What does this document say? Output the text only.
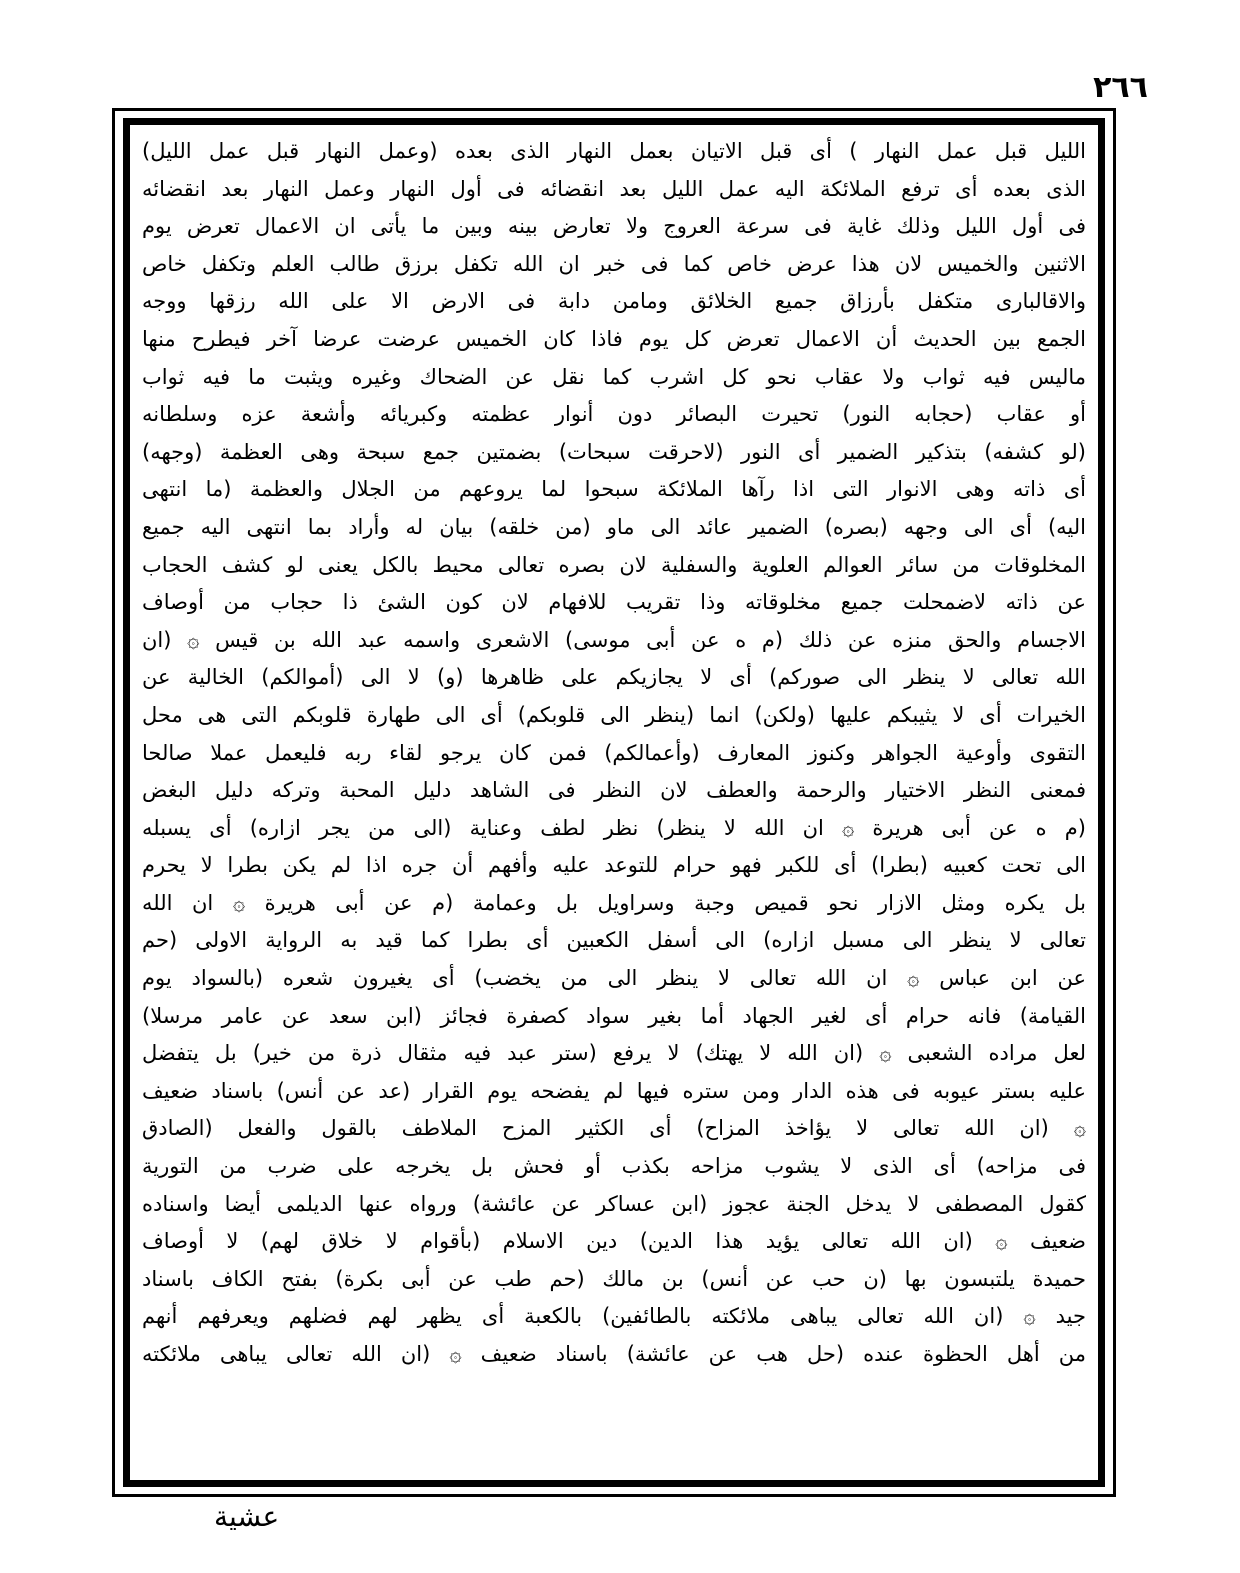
٢٦٦
الليل قبل عمل النهار ) أى قبل الاتيان بعمل النهار الذى بعده (وعمل النهار قبل عمل الليل)
الذى بعده أى ترفع الملائكة اليه عمل الليل بعد انقضائه فى أول النهار وعمل النهار بعد انقضائه
فى أول الليل وذلك غاية فى سرعة العروج ولا تعارض بينه وبين ما يأتى ان الاعمال تعرض يوم
الاثنين والخميس لان هذا عرض خاص كما فى خبر ان الله تكفل برزق طالب العلم وتكفل خاص
والاقالبارى متكفل بأرزاق جميع الخلائق ومامن دابة فى الارض الا على الله رزقها ووجه
الجمع بين الحديث أن الاعمال تعرض كل يوم فاذا كان الخميس عرضت عرضا آخر فيطرح منها
ماليس فيه ثواب ولا عقاب نحو كل اشرب كما نقل عن الضحاك وغيره ويثبت ما فيه ثواب
أو عقاب (حجابه النور) تحيرت البصائر دون أنوار عظمته وكبريائه وأشعة عزه وسلطانه
(لو كشفه) بتذكير الضمير أى النور (لاحرقت سبحات) بضمتين جمع سبحة وهى العظمة (وجهه)
أى ذاته وهى الانوار التى اذا رآها الملائكة سبحوا لما يروعهم من الجلال والعظمة (ما انتهى
اليه) أى الى وجهه (بصره) الضمير عائد الى ماو (من خلقه) بيان له وأراد بما انتهى اليه جميع
المخلوقات من سائر العوالم العلوية والسفلية لان بصره تعالى محيط بالكل يعنى لو كشف الحجاب
عن ذاته لاضمحلت جميع مخلوقاته وذا تقريب للافهام لان كون الشئ ذا حجاب من أوصاف
الاجسام والحق منزه عن ذلك (م ه عن أبى موسى) الاشعرى واسمه عبد الله بن قيس ۞ (ان
الله تعالى لا ينظر الى صوركم) أى لا يجازيكم على ظاهرها (و) لا الى (أموالكم) الخالية عن
الخيرات أى لا يثيبكم عليها (ولكن) انما (ينظر الى قلوبكم) أى الى طهارة قلوبكم التى هى محل
التقوى وأوعية الجواهر وكنوز المعارف (وأعمالكم) فمن كان يرجو لقاء ربه فليعمل عملا صالحا
فمعنى النظر الاختيار والرحمة والعطف لان النظر فى الشاهد دليل المحبة وتركه دليل البغض
(م ه عن أبى هريرة ۞ ان الله لا ينظر) نظر لطف وعناية (الى من يجر ازاره) أى يسبله
الى تحت كعبيه (بطرا) أى للكبر فهو حرام للتوعد عليه وأفهم أن جره اذا لم يكن بطرا لا يحرم
بل يكره ومثل الازار نحو قميص وجبة وسراويل بل وعمامة (م عن أبى هريرة ۞ ان الله
تعالى لا ينظر الى مسبل ازاره) الى أسفل الكعبين أى بطرا كما قيد به الرواية الاولى (حم
عن ابن عباس ۞ ان الله تعالى لا ينظر الى من يخضب) أى يغيرون شعره (بالسواد يوم
القيامة) فانه حرام أى لغير الجهاد أما بغير سواد كصفرة فجائز (ابن سعد عن عامر مرسلا)
لعل مراده الشعبى ۞ (ان الله لا يهتك) لا يرفع (ستر عبد فيه مثقال ذرة من خير) بل يتفضل
عليه بستر عيوبه فى هذه الدار ومن ستره فيها لم يفضحه يوم القرار (عد عن أنس) باسناد ضعيف
۞ (ان الله تعالى لا يؤاخذ المزاح) أى الكثير المزح الملاطف بالقول والفعل (الصادق
فى مزاحه) أى الذى لا يشوب مزاحه بكذب أو فحش بل يخرجه على ضرب من التورية
كقول المصطفى لا يدخل الجنة عجوز (ابن عساكر عن عائشة) ورواه عنها الديلمى أيضا واسناده
ضعيف ۞ (ان الله تعالى يؤيد هذا الدين) دين الاسلام (بأقوام لا خلاق لهم) لا أوصاف
حميدة يلتبسون بها (ن حب عن أنس) بن مالك (حم طب عن أبى بكرة) بفتح الكاف باسناد
جيد ۞ (ان الله تعالى يباهى ملائكته بالطائفين) بالكعبة أى يظهر لهم فضلهم ويعرفهم أنهم
من أهل الحظوة عنده (حل هب عن عائشة) باسناد ضعيف ۞ (ان الله تعالى يباهى ملائكته
عشية
